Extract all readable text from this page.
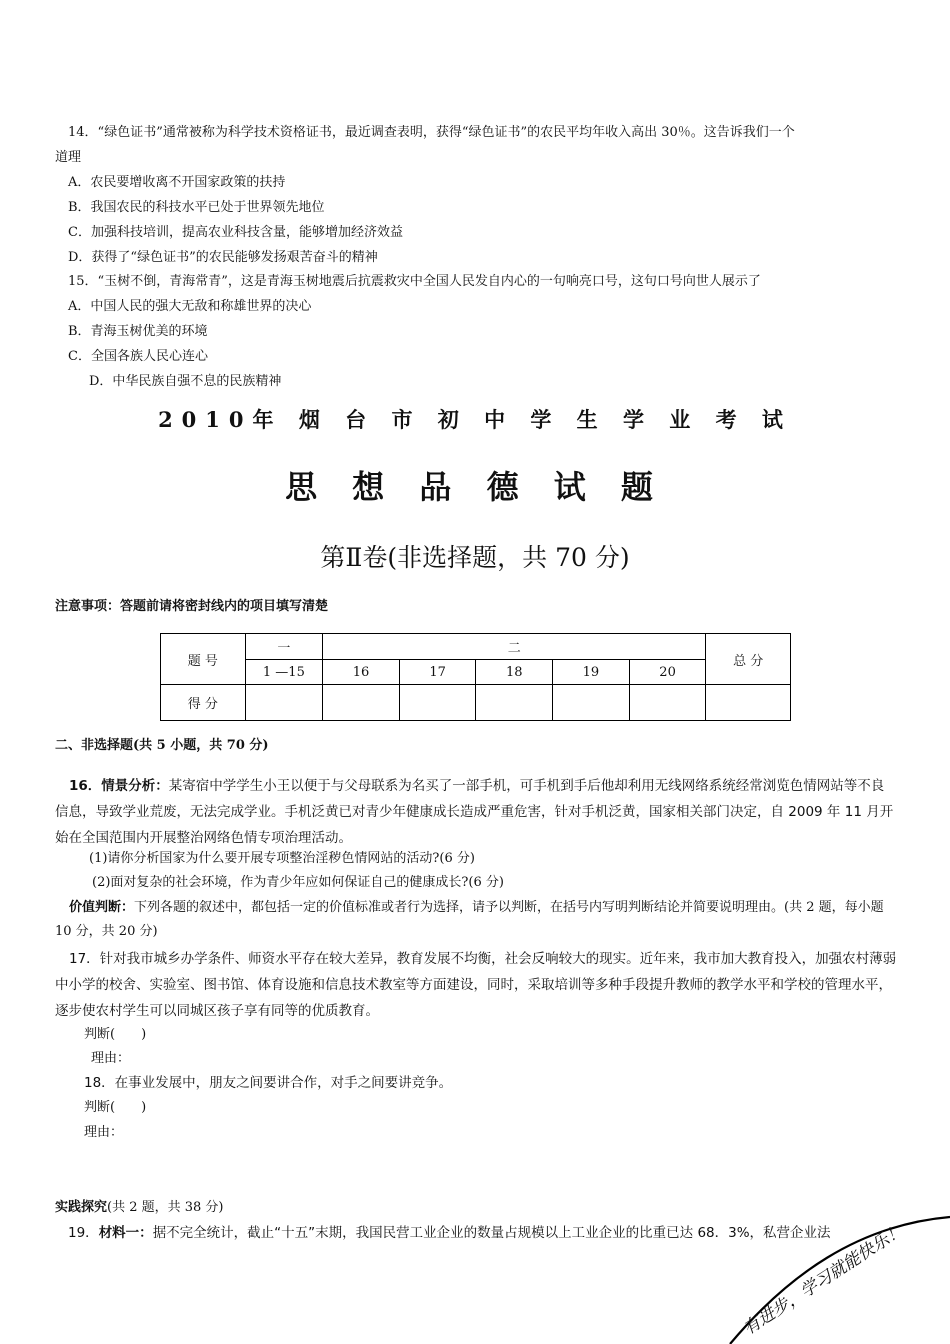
14．“绿色证书”通常被称为科学技术资格证书，最近调查表明，获得“绿色证书”的农民平均年收入高出 30％。这告诉我们一个
道理
A．农民要增收离不开国家政策的扶持
B．我国农民的科技水平已处于世界领先地位
C．加强科技培训，提高农业科技含量，能够增加经济效益
D．获得了“绿色证书”的农民能够发扬艰苦奋斗的精神
15．“玉树不倒，青海常青”，这是青海玉树地震后抗震救灾中全国人民发自内心的一句响亮口号，这句口号向世人展示了
A．中国人民的强大无敌和称雄世界的决心
B．青海玉树优美的环境
C．全国各族人民心连心
D．中华民族自强不息的民族精神
2010年 烟 台 市 初 中 学 生 学 业 考 试
思 想 品 德 试 题
第Ⅱ卷(非选择题，共 70 分)
注意事项：答题前请将密封线内的项目填写清楚
题 号	一	二					总 分
	1 —15	16	17	18	19	20	
得 分							
二、非选择题(共 5 小题，共 70 分)
16．情景分析：某寄宿中学学生小王以便于与父母联系为名买了一部手机，可手机到手后他却利用无线网络系统经常浏览色情网站等不良信息，导致学业荒废，无法完成学业。手机泛黄已对青少年健康成长造成严重危害，针对手机泛黄，国家相关部门决定，自 2009 年 11 月开始在全国范围内开展整治网络色情专项治理活动。
(1)请你分析国家为什么要开展专项整治淫秽色情网站的活动?(6 分)
(2)面对复杂的社会环境，作为青少年应如何保证自己的健康成长?(6 分)
价值判断：下列各题的叙述中，都包括一定的价值标准或者行为选择，请予以判断，在括号内写明判断结论并简要说明理由。(共 2 题，每小题 10 分，共 20 分)
17．针对我市城乡办学条件、师资水平存在较大差异，教育发展不均衡，社会反响较大的现实。近年来，我市加大教育投入，加强农村薄弱中小学的校舍、实验室、图书馆、体育设施和信息技术教室等方面建设，同时，采取培训等多种手段提升教师的教学水平和学校的管理水平，逐步使农村学生可以同城区孩子享有同等的优质教育。
判断(　　)
理由：
18．在事业发展中，朋友之间要讲合作，对手之间要讲竞争。
判断(　　)
理由：
实践探究(共 2 题，共 38 分)
19．材料一：据不完全统计，截止“十五”末期，我国民营工业企业的数量占规模以上工业企业的比重已达 68．3%，私营企业法
有进步，学习就能快乐！
